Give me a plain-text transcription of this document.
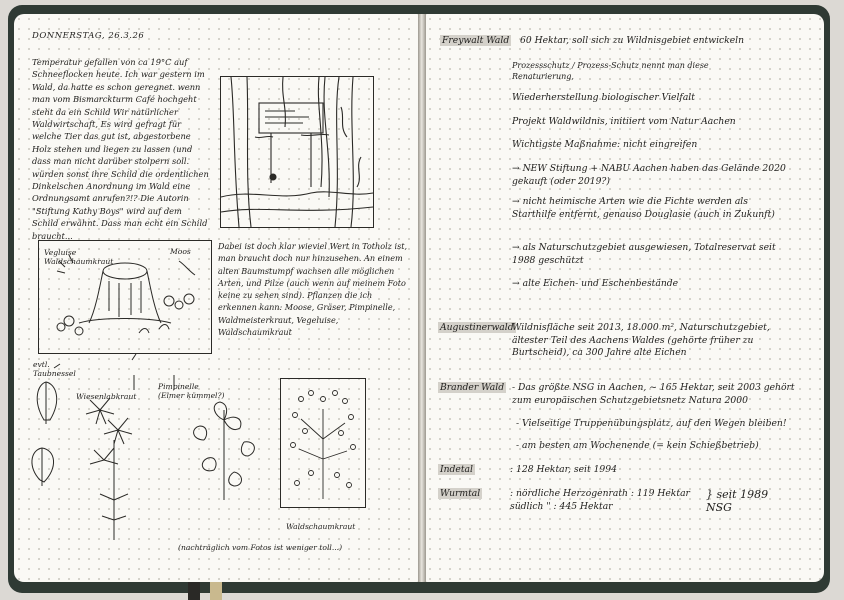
DONNERSTAG, 26.3.26
Temperatur gefallen von ca 19°C auf Schneeflocken heute. Ich war gestern im Wald, da hatte es schon geregnet. wenn man vom Bismarckturm Café hochgeht steht da ein Schild Wir natürlicher Waldwirtschaft, Es wird gefragt für welche Tier das gut ist, abgestorbene Holz stehen und liegen zu lassen (und dass man nicht darüber stolpern soll. würden sonst ihre Schild die ordentlichen Dinkelschen Anordnung im Wald eine Ordnungsamt anrufen?!? Die Autorin "Stiftung Kathy Boys" wird auf dem Schild erwähnt. Dass man echt ein Schild braucht...
Vegluise
Waldschaumkraut
Moos
Dabei ist doch klar wieviel Wert in Totholz ist, man braucht doch nur hinzusehen. An einem alten Baumstumpf wachsen alle möglichen Arten, und Pilze (auch wenn auf meinem Foto keine zu sehen sind). Pflanzen die ich erkennen kann: Moose, Gräser, Pimpinelle, Waldmeisterkraut, Vegeluise, Waldschaumkraut
evtl.
Taubnessel
Wiesenlabkraut
Pimpinelle
(Elmer kümmel?)
Waldschaumkraut
(nachträglich vom Fotos ist weniger toll...)
Freywalt Wald 60 Hektar, soll sich zu Wildnisgebiet entwickeln
Prozessschutz / Prozess-Schutz nennt man diese Renaturierung,
Wiederherstellung biologischer Vielfalt
Projekt Waldwildnis, initiiert vom Natur Aachen
Wichtigste Maßnahme: nicht eingreifen
→ NEW Stiftung + NABU Aachen haben das Gelände 2020 gekauft (oder 2019?)
→ nicht heimische Arten wie die Fichte werden als Starthilfe entfernt, genauso Douglasie (auch in Zukunft)
→ als Naturschutzgebiet ausgewiesen, Totalreservat seit 1988 geschützt
→ alte Eichen- und Eschenbestände
Augustinerwald
Wildnisfläche seit 2013, 18.000 m², Naturschutzgebiet, ältester Teil des Aachens Waldes (gehörte früher zu Burtscheid), ca 300 Jahre alte Eichen
Brander Wald - Das größte NSG in Aachen, ~ 165 Hektar, seit 2003 gehört zum europäischen Schutzgebietsnetz Natura 2000
- Vielseitige Truppenübungsplatz, auf den Wegen bleiben!
- am besten am Wochenende (= kein Schießbetrieb)
Indetal	: 128 Hektar, seit 1994
Wurmtal	: nördliche Herzogenrath : 119 Hektar
südlich " : 445 Hektar
} seit 1989
NSG
